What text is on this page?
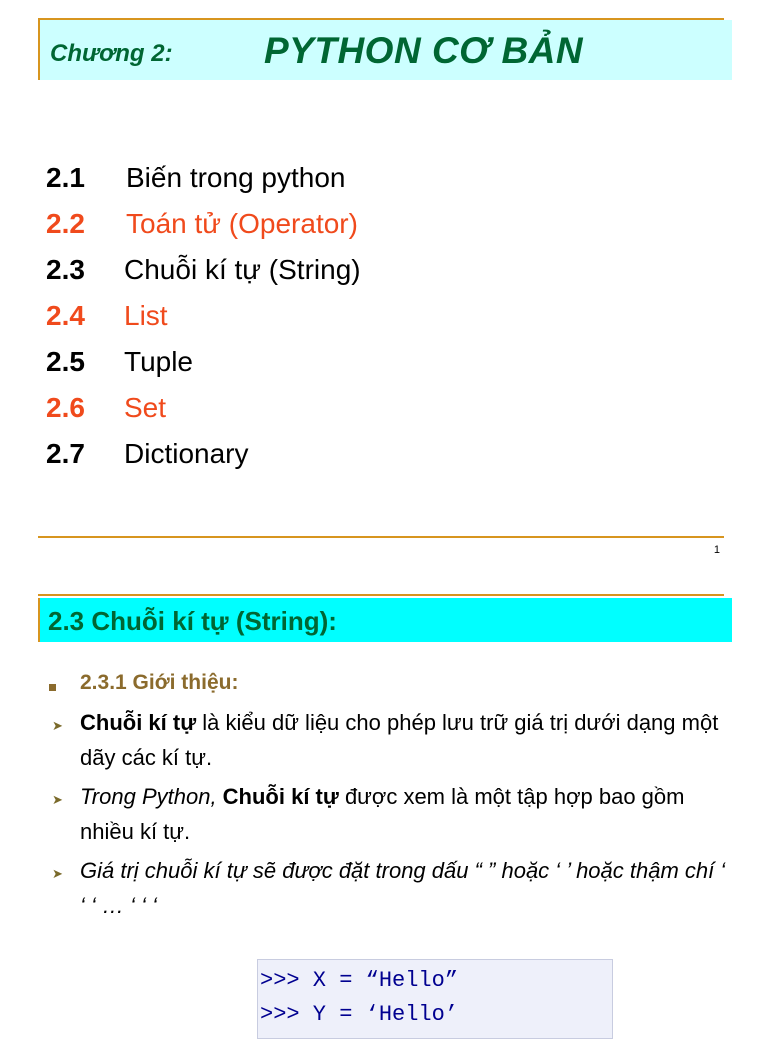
Chương 2: PYTHON CƠ BẢN
2.1 Biến trong python
2.2 Toán tử (Operator)
2.3 Chuỗi kí tự (String)
2.4 List
2.5 Tuple
2.6 Set
2.7 Dictionary
1
2.3 Chuỗi kí tự (String):
2.3.1 Giới thiệu:
➤ Chuỗi kí tự là kiểu dữ liệu cho phép lưu trữ giá trị dưới dạng một dãy các kí tự.
➤ Trong Python, Chuỗi kí tự được xem là một tập hợp bao gồm nhiều kí tự.
➤ Giá trị chuỗi kí tự sẽ được đặt trong dấu “ ” hoặc ‘ ’ hoặc thậm chí ‘ ‘ ‘ … ‘ ‘ ‘
>>> X = “Hello”
>>> Y = ‘Hello’
